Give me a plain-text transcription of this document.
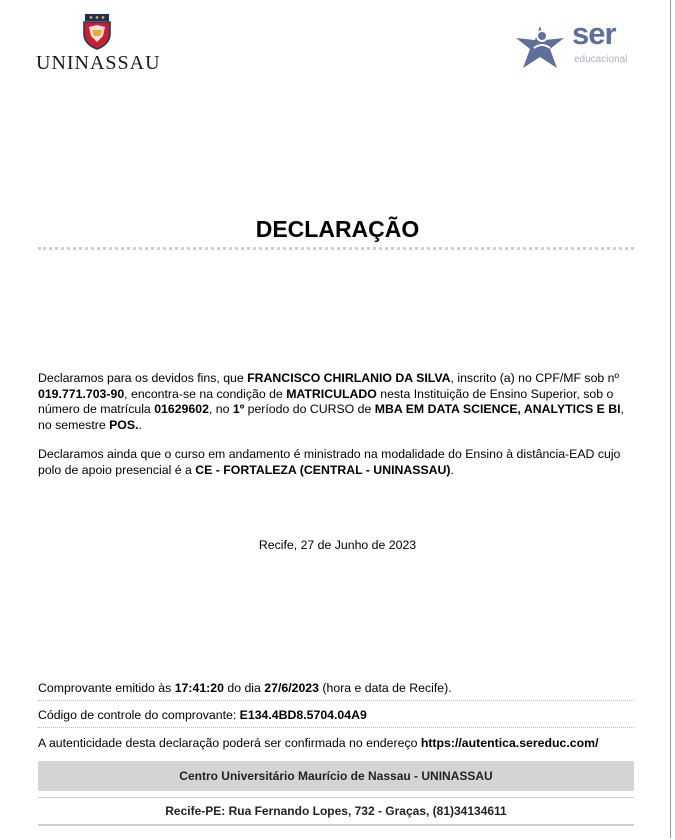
UNINASSAU
ser
educacional
DECLARAÇÃO
Declaramos para os devidos fins, que FRANCISCO CHIRLANIO DA SILVA, inscrito (a) no CPF/MF sob nº 019.771.703-90, encontra-se na condição de MATRICULADO nesta Instituição de Ensino Superior, sob o número de matrícula 01629602, no 1º período do CURSO de MBA EM DATA SCIENCE, ANALYTICS E BI, no semestre POS..
Declaramos ainda que o curso em andamento é ministrado na modalidade do Ensino à distância-EAD cujo polo de apoio presencial é a CE - FORTALEZA (CENTRAL - UNINASSAU).
Recife, 27 de Junho de 2023
Comprovante emitido às 17:41:20 do dia 27/6/2023 (hora e data de Recife).
Código de controle do comprovante: E134.4BD8.5704.04A9
A autenticidade desta declaração poderá ser confirmada no endereço https://autentica.sereduc.com/
Centro Universitário Maurício de Nassau - UNINASSAU
Recife-PE: Rua Fernando Lopes, 732 - Graças, (81)34134611
